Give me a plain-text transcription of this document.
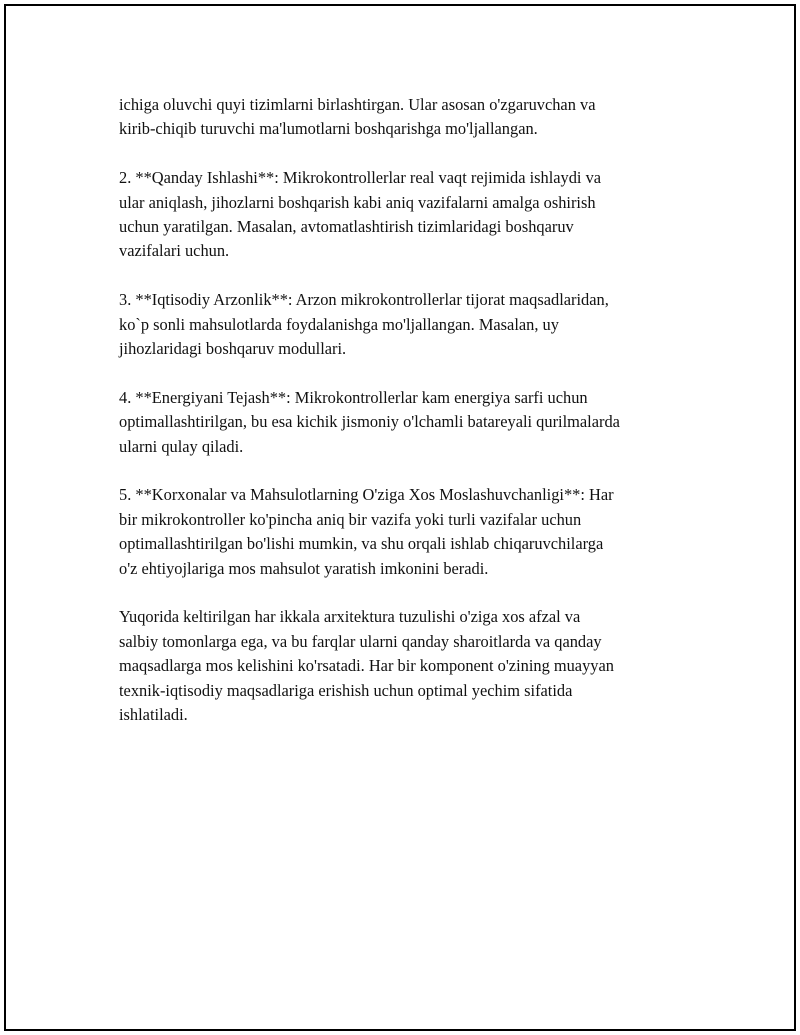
ichiga oluvchi quyi tizimlarni birlashtirgan. Ular asosan o'zgaruvchan va
kirib-chiqib turuvchi ma'lumotlarni boshqarishga mo'ljallangan.

2. **Qanday Ishlashi**: Mikrokontrollerlar real vaqt rejimida ishlaydi va
ular aniqlash, jihozlarni boshqarish kabi aniq vazifalarni amalga oshirish
uchun yaratilgan. Masalan, avtomatlashtirish tizimlaridagi boshqaruv
vazifalari uchun.

3. **Iqtisodiy Arzonlik**: Arzon mikrokontrollerlar tijorat maqsadlaridan,
ko`p sonli mahsulotlarda foydalanishga mo'ljallangan. Masalan, uy
jihozlaridagi boshqaruv modullari.

4. **Energiyani Tejash**: Mikrokontrollerlar kam energiya sarfi uchun
optimallashtirilgan, bu esa kichik jismoniy o'lchamli batareyali qurilmalarda
ularni qulay qiladi.

5. **Korxonalar va Mahsulotlarning O'ziga Xos Moslashuvchanligi**: Har
bir mikrokontroller ko'pincha aniq bir vazifa yoki turli vazifalar uchun
optimallashtirilgan bo'lishi mumkin, va shu orqali ishlab chiqaruvchilarga
o'z ehtiyojlariga mos mahsulot yaratish imkonini beradi.

Yuqorida keltirilgan har ikkala arxitektura tuzulishi o'ziga xos afzal va
salbiy tomonlarga ega, va bu farqlar ularni qanday sharoitlarda va qanday
maqsadlarga mos kelishini ko'rsatadi. Har bir komponent o'zining muayyan
texnik-iqtisodiy maqsadlariga erishish uchun optimal yechim sifatida
ishlatiladi.
